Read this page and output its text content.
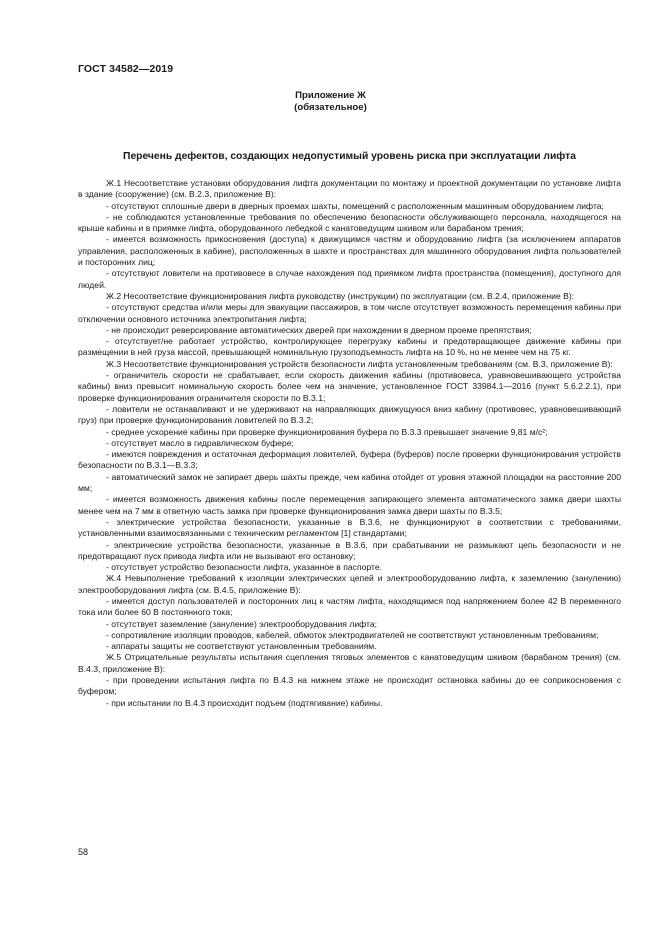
ГОСТ 34582—2019
Приложение Ж
(обязательное)
Перечень дефектов, создающих недопустимый уровень риска при эксплуатации лифта

Ж.1 Несоответствие установки оборудования лифта документации по монтажу и проектной документации по установке лифта в здание (сооружение) (см. В.2.3, приложение В):

- отсутствуют сплошные двери в дверных проемах шахты, помещений с расположенным машинным оборудованием лифта;

- не соблюдаются установленные требования по обеспечению безопасности обслуживающего персонала, находящегося на крыше кабины и в приямке лифта, оборудованного лебедкой с канатоведущим шкивом или барабаном трения;

- имеется возможность прикосновения (доступа) к движущимся частям и оборудованию лифта (за исключением аппаратов управления, расположенных в кабине), расположенных в шахте и пространствах для машинного оборудования лифта пользователей и посторонних лиц;

- отсутствуют ловители на противовесе в случае нахождения под приямком лифта пространства (помещения), доступного для людей.

Ж.2 Несоответствие функционирования лифта руководству (инструкции) по эксплуатации (см. В.2.4, приложение В):

- отсутствуют средства и/или меры для эвакуации пассажиров, в том числе отсутствует возможность перемещения кабины при отключении основного источника электропитания лифта;

- не происходит реверсирование автоматических дверей при нахождении в дверном проеме препятствия;

- отсутствует/не работает устройство, контролирующее перегрузку кабины и предотвращающее движение кабины при размещении в ней груза массой, превышающей номинальную грузоподъемность лифта на 10 %, но не менее чем на 75 кг.

Ж.3 Несоответствие функционирования устройств безопасности лифта установленным требованиям (см. В.3, приложение В):

- ограничитель скорости не срабатывает, если скорость движения кабины (противовеса, уравновешивающего устройства кабины) вниз превысит номинальную скорость более чем на значение, установленное ГОСТ 33984.1—2016 (пункт 5.6.2.2.1), при проверке функционирования ограничителя скорости по В.3.1;

- ловители не останавливают и не удерживают на направляющих движущуюся вниз кабину (противовес, уравновешивающий груз) при проверке функционирования ловителей по В.3.2;

- среднее ускорение кабины при проверке функционирования буфера по В.3.3 превышает значение 9,81 м/с²;

- отсутствует масло в гидравлическом буфере;

- имеются повреждения и остаточная деформация ловителей, буфера (буферов) после проверки функционирования устройств безопасности по В.3.1—В.3.3;

- автоматический замок не запирает дверь шахты прежде, чем кабина отойдет от уровня этажной площадки на расстояние 200 мм;

- имеется возможность движения кабины после перемещения запирающего элемента автоматического замка двери шахты менее чем на 7 мм в ответную часть замка при проверке функционирования замка двери шахты по В.3.5;

- электрические устройства безопасности, указанные в В.3.6, не функционируют в соответствии с требованиями, установленными взаимосвязанными с техническим регламентом [1] стандартами;

- электрические устройства безопасности, указанные в В.3.6, при срабатывании не размыкают цепь безопасности и не предотвращают пуск привода лифта или не вызывают его остановку;

- отсутствует устройство безопасности лифта, указанное в паспорте.

Ж.4 Невыполнение требований к изоляции электрических цепей и электрооборудованию лифта, к заземлению (занулению) электрооборудования лифта (см. В.4.5, приложение В):

- имеется доступ пользователей и посторонних лиц к частям лифта, находящимся под напряжением более 42 В переменного тока или более 60 В постоянного тока;

- отсутствует заземление (зануление) электрооборудования лифта;

- сопротивление изоляции проводов, кабелей, обмоток электродвигателей не соответствуют установленным требованиям;

- аппараты защиты не соответствуют установленным требованиям.

Ж.5 Отрицательные результаты испытания сцепления тяговых элементов с канатоведущим шкивом (барабаном трения) (см. В.4.3, приложение В):

- при проведении испытания лифта по В.4.3 на нижнем этаже не происходит остановка кабины до ее соприкосновения с буфером;

- при испытании по В.4.3 происходит подъем (подтягивание) кабины.

58
